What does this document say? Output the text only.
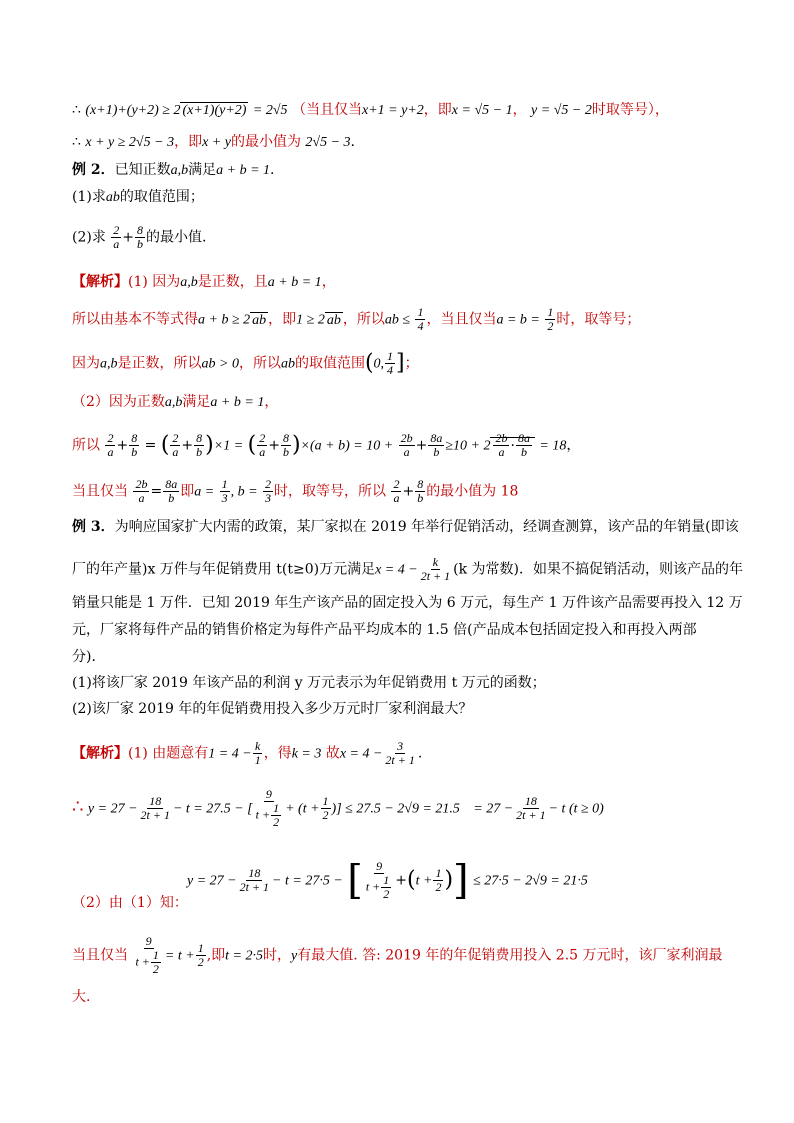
∴ (x+1)+(y+2) ≥ 2 (x+1)(y+2) = 2√5 （当且仅当x+1 = y+2，即x = √5 − 1， y = √5 − 2时取等号），
∴ x + y ≥ 2√5 − 3，即x + y的最小值为 2√5 − 3.
例 2．已知正数a,b满足a + b = 1.
(1)求ab的取值范围；
(2)求 $\frac{2}{a} + \frac{8}{b}$ 的最小值.
【解析】(1) 因为a,b是正数，且a + b = 1，
所以由基本不等式得a + b ≥ 2 ab ，即1 ≥ 2 ab ，所以ab ≤ $\frac{1}{4}$ ，当且仅当$a = b = \frac{1}{2}$ 时，取等号；
因为a,b是正数，所以ab > 0，所以ab的取值范围(0, $\frac{1}{4}$ ]；
（2）因为正数a,b满足a + b = 1，
所以 $\frac{2}{a} + \frac{8}{b}$ = ( $\frac{2}{a} + \frac{8}{b} )\times 1$ = ( $\frac{2}{a} + \frac{8}{b} )\times(a + b) = 10 + \frac{2b}{a} + \frac{8a}{b} \ge 10 + 2 \frac{2b}{a} \cdot \frac{8a}{b} = 18$，
当且仅当 $\frac{2b}{a} = \frac{8a}{b}$ 即$a = \frac{1}{3}$ , $b = \frac{2}{3}$ 时，取等号，所以 $\frac{2}{a} + \frac{8}{b}$ 的最小值为 18
例 3．为响应国家扩大内需的政策，某厂家拟在 2019 年举行促销活动，经调查测算，该产品的年销量(即该
厂的年产量)x 万件与年促销费用 t(t≥0)万元满足$x = 4 - \frac{k}{2t + 1} (k$ 为常数)．如果不搞促销活动，则该产品的年
销量只能是 1 万件．已知 2019 年生产该产品的固定投入为 6 万元，每生产 1 万件该产品需要再投入 12 万
元，厂家将每件产品的销售价格定为每件产品平均成本的 1.5 倍(产品成本包括固定投入和再投入两部
分)．
(1)将该厂家 2019 年该产品的利润 y 万元表示为年促销费用 t 万元的函数；
(2)该厂家 2019 年的年促销费用投入多少万元时厂家利润最大？
【解析】(1) 由题意有$1 = 4 - \frac{k}{1}$ ，得k = 3 故$x = 4 - \frac{3}{2t + 1}$ .
∴ $y = 27 - \frac{18}{2t + 1} - t = 27.5$ − [ $\frac{9}{t + \frac{1}{2}} + (t + \frac{1}{2}$ )] ≤ $27.5 - 2√9 = 21.5 = 27 - \frac{18}{2t + 1} - t$ (t ≥ 0)
$y = 27 - \frac{18}{2t + 1} - t = 27\cdot 5$ − [ $\frac{9}{t + \frac{1}{2}} +(t + \frac{1}{2}$ )] ≤ 27·5 − 2√9 = 21·5
（2）由（1）知：
当且仅当 $\frac{9}{t + \frac{1}{2}} = t + \frac{1}{2}$ ,即t = 2·5时，y有最大值. 答: 2019 年的年促销费用投入 2.5 万元时，该厂家利润最
大.
